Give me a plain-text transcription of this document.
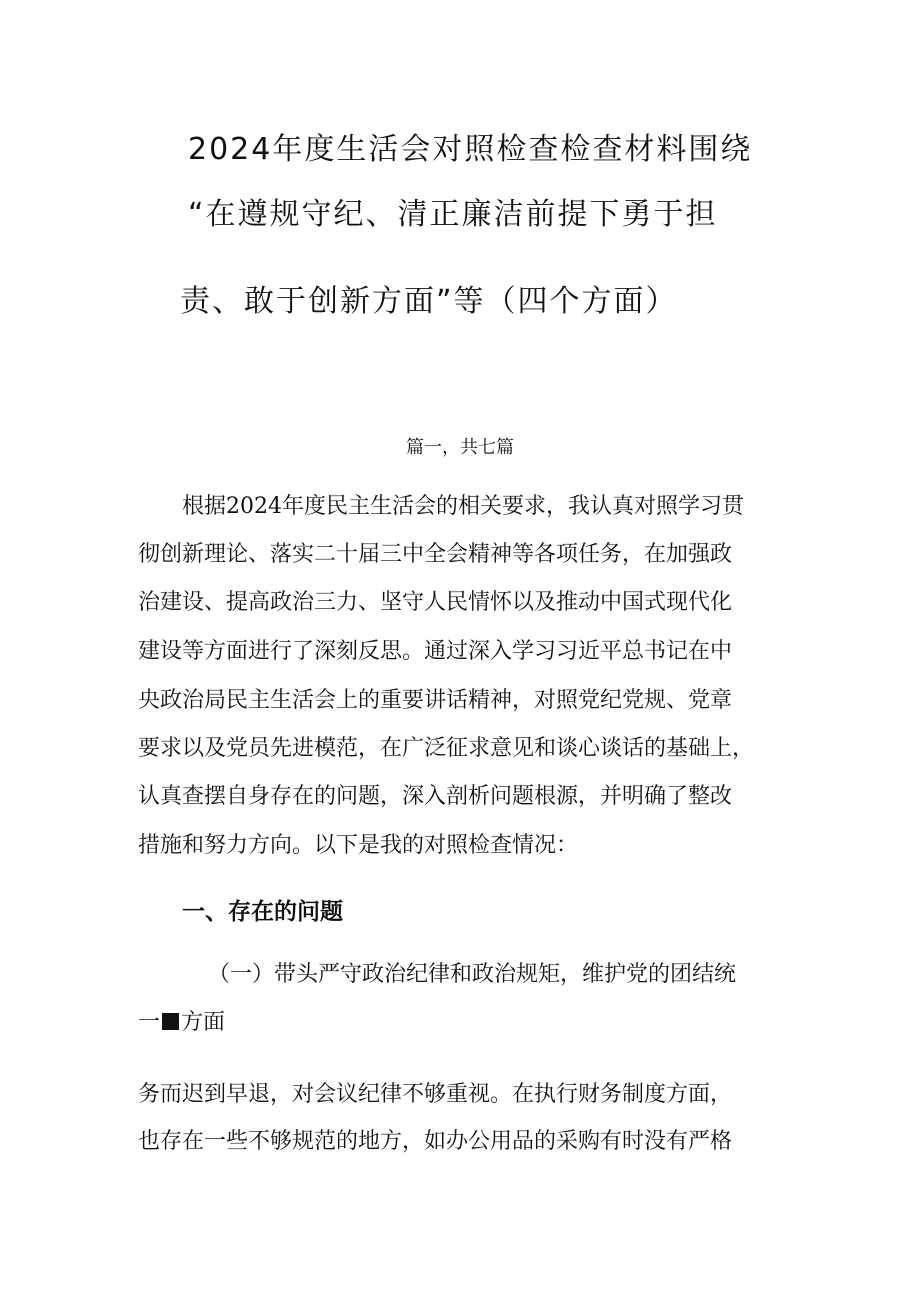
2024年度生活会对照检查检查材料围绕
“在遵规守纪、清正廉洁前提下勇于担
责、敢于创新方面”等（四个方面）
篇一，共七篇
根据2024年度民主生活会的相关要求，我认真对照学习贯
彻创新理论、落实二十届三中全会精神等各项任务，在加强政
治建设、提高政治三力、坚守人民情怀以及推动中国式现代化
建设等方面进行了深刻反思。通过深入学习习近平总书记在中
央政治局民主生活会上的重要讲话精神，对照党纪党规、党章
要求以及党员先进模范，在广泛征求意见和谈心谈话的基础上，
认真查摆自身存在的问题，深入剖析问题根源，并明确了整改
措施和努力方向。以下是我的对照检查情况：
一、存在的问题
（一）带头严守政治纪律和政治规矩，维护党的团结统
一 方面
务而迟到早退，对会议纪律不够重视。在执行财务制度方面，
也存在一些不够规范的地方，如办公用品的采购有时没有严格
